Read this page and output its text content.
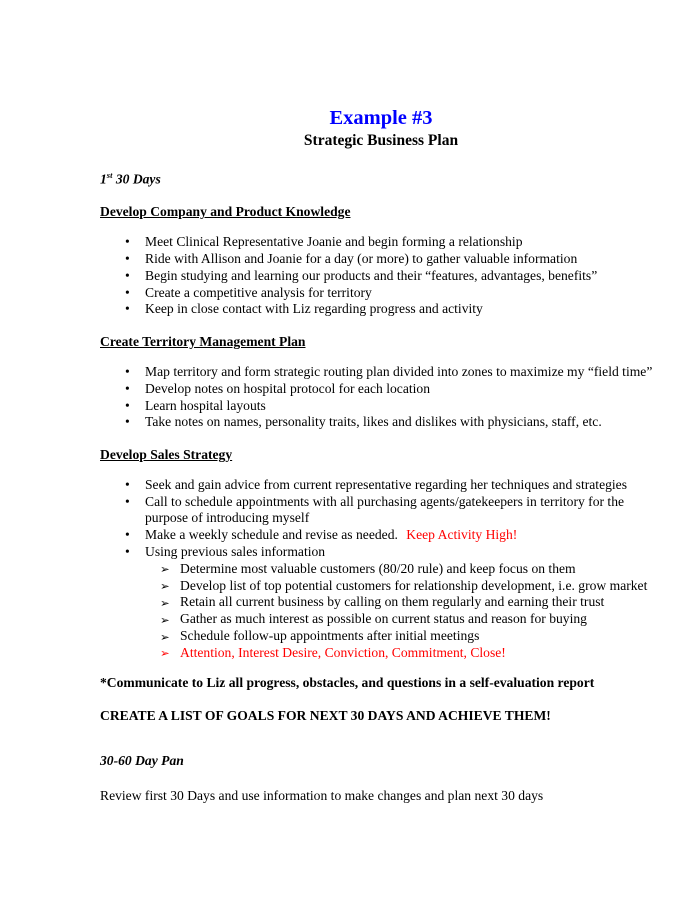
Example #3
Strategic Business Plan
1st 30 Days
Develop Company and Product Knowledge
• Meet Clinical Representative Joanie and begin forming a relationship
• Ride with Allison and Joanie for a day (or more) to gather valuable information
• Begin studying and learning our products and their “features, advantages, benefits”
• Create a competitive analysis for territory
• Keep in close contact with Liz regarding progress and activity
Create Territory Management Plan
• Map territory and form strategic routing plan divided into zones to maximize my “field time”
• Develop notes on hospital protocol for each location
• Learn hospital layouts
• Take notes on names, personality traits, likes and dislikes with physicians, staff, etc.
Develop Sales Strategy
• Seek and gain advice from current representative regarding her techniques and strategies
• Call to schedule appointments with all purchasing agents/gatekeepers in territory for the purpose of introducing myself
• Make a weekly schedule and revise as needed. Keep Activity High!
• Using previous sales information
➢ Determine most valuable customers (80/20 rule) and keep focus on them
➢ Develop list of top potential customers for relationship development, i.e. grow market
➢ Retain all current business by calling on them regularly and earning their trust
➢ Gather as much interest as possible on current status and reason for buying
➢ Schedule follow-up appointments after initial meetings
➢ Attention, Interest Desire, Conviction, Commitment, Close!
*Communicate to Liz all progress, obstacles, and questions in a self-evaluation report
CREATE A LIST OF GOALS FOR NEXT 30 DAYS AND ACHIEVE THEM!
30-60 Day Pan
Review first 30 Days and use information to make changes and plan next 30 days
